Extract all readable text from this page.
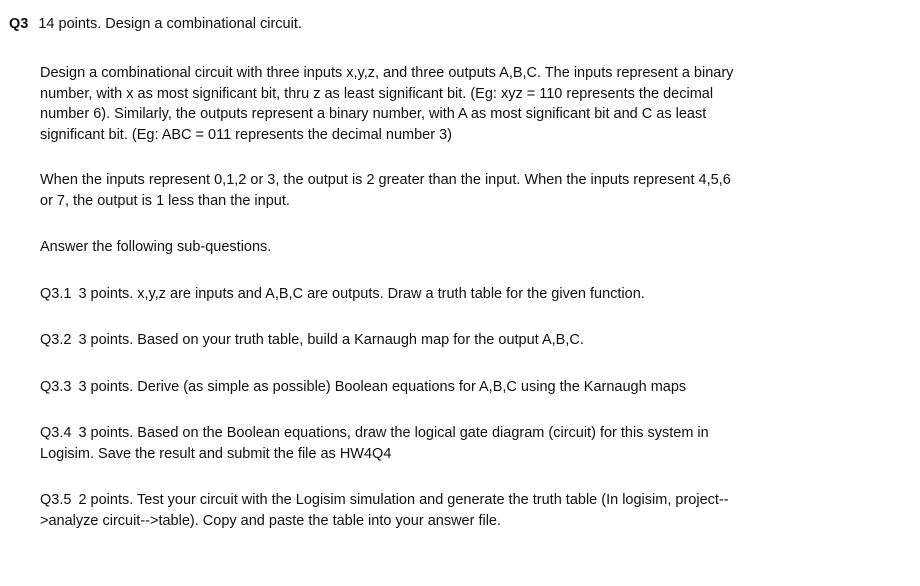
Q3 14 points. Design a combinational circuit.
Design a combinational circuit with three inputs x,y,z, and three outputs A,B,C. The inputs represent a binary
number, with x as most significant bit, thru z as least significant bit. (Eg: xyz = 110 represents the decimal
number 6). Similarly, the outputs represent a binary number, with A as most significant bit and C as least
significant bit. (Eg: ABC = 011 represents the decimal number 3)
When the inputs represent 0,1,2 or 3, the output is 2 greater than the input. When the inputs represent 4,5,6
or 7, the output is 1 less than the input.
Answer the following sub-questions.
Q3.1 3 points. x,y,z are inputs and A,B,C are outputs. Draw a truth table for the given function.
Q3.2 3 points. Based on your truth table, build a Karnaugh map for the output A,B,C.
Q3.3 3 points. Derive (as simple as possible) Boolean equations for A,B,C using the Karnaugh maps
Q3.4 3 points. Based on the Boolean equations, draw the logical gate diagram (circuit) for this system in
Logisim. Save the result and submit the file as HW4Q4
Q3.5 2 points. Test your circuit with the Logisim simulation and generate the truth table (In logisim, project--
>analyze circuit-->table). Copy and paste the table into your answer file.
